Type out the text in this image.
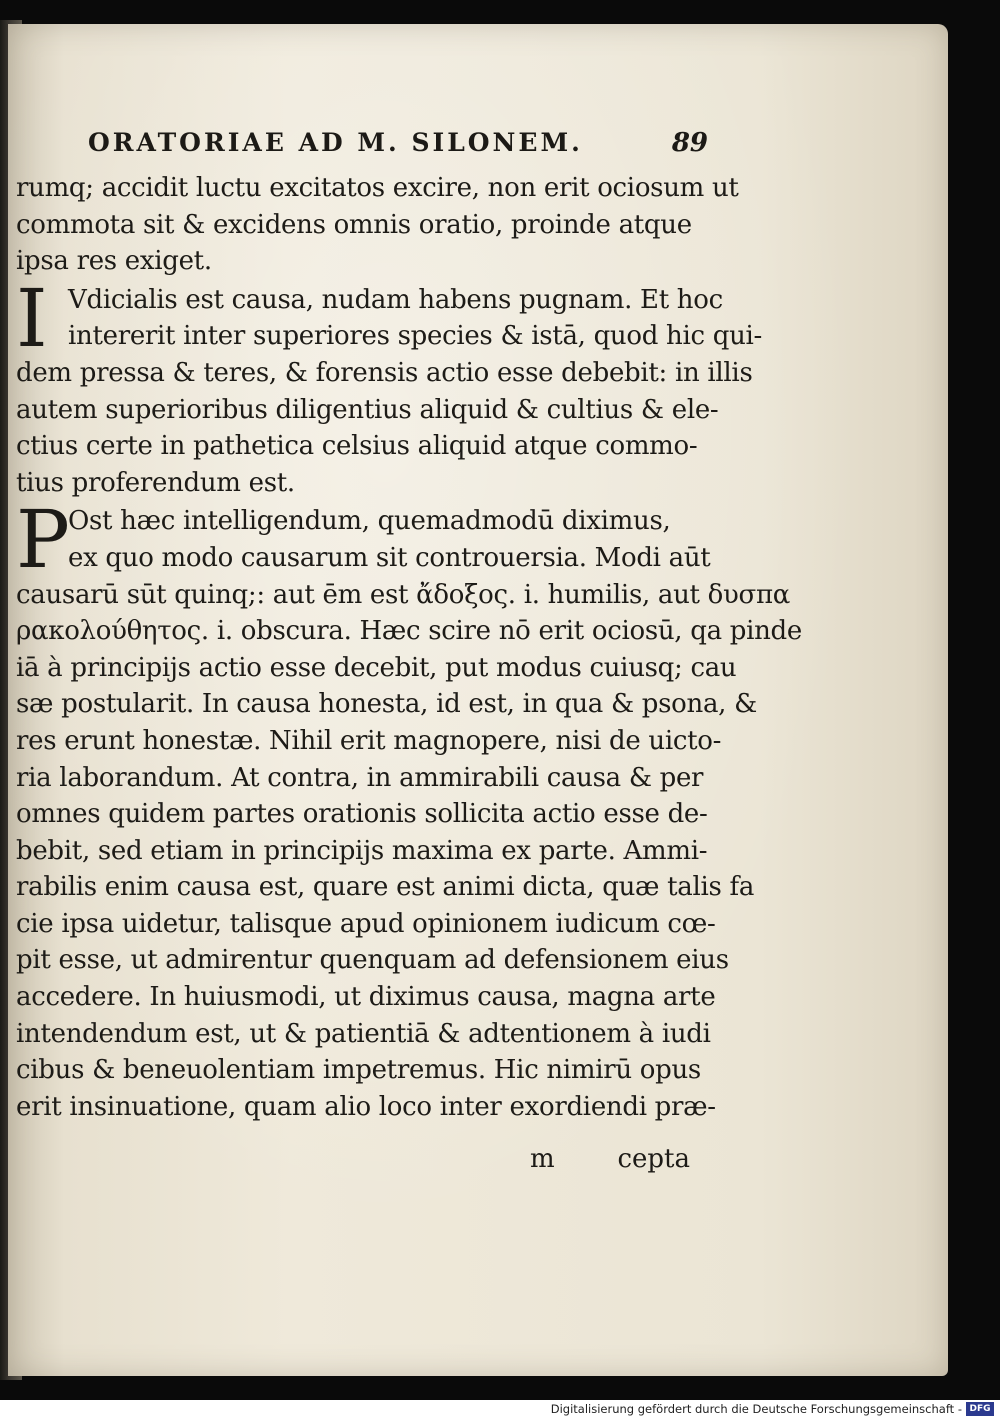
ORATORIAE AD M. SILONEM.	89
rumq; accidit luctu excitatos excire, non erit ociosum ut
commota sit & excidens omnis oratio, proinde atque
ipsa res exiget.
I Vdicialis est causa, nudam habens pugnam. Et hoc
intererit inter superiores species & istā, quod hic qui-
dem pressa & teres, & forensis actio esse debebit: in illis
autem superioribus diligentius aliquid & cultius & ele-
ctius certe in pathetica celsius aliquid atque commo-
tius proferendum est.
P
Ost hæc intelligendum, quemadmodū diximus,
ex quo modo causarum sit controuersia. Modi aūt
causarū sūt quinq;: aut ēm est ἄδοξος. i. humilis, aut δυσπα
ρακολούθητος. i. obscura. Hæc scire nō erit ociosū, qa pinde
iā à principijs actio esse decebit, put modus cuiusq; cau
sæ postularit. In causa honesta, id est, in qua & psona, &
res erunt honestæ. Nihil erit magnopere, nisi de uicto-
ria laborandum. At contra, in ammirabili causa & per
omnes quidem partes orationis sollicita actio esse de-
bebit, sed etiam in principijs maxima ex parte. Ammi-
rabilis enim causa est, quare est animi dicta, quæ talis fa
cie ipsa uidetur, talisque apud opinionem iudicum cœ-
pit esse, ut admirentur quenquam ad defensionem eius
accedere. In huiusmodi, ut diximus causa, magna arte
intendendum est, ut & patientiā & adtentionem à iudi
cibus & beneuolentiam impetremus. Hic nimirū opus
erit insinuatione, quam alio loco inter exordiendi præ-
m cepta
Digitalisierung gefördert durch die Deutsche Forschungsgemeinschaft - DFG
